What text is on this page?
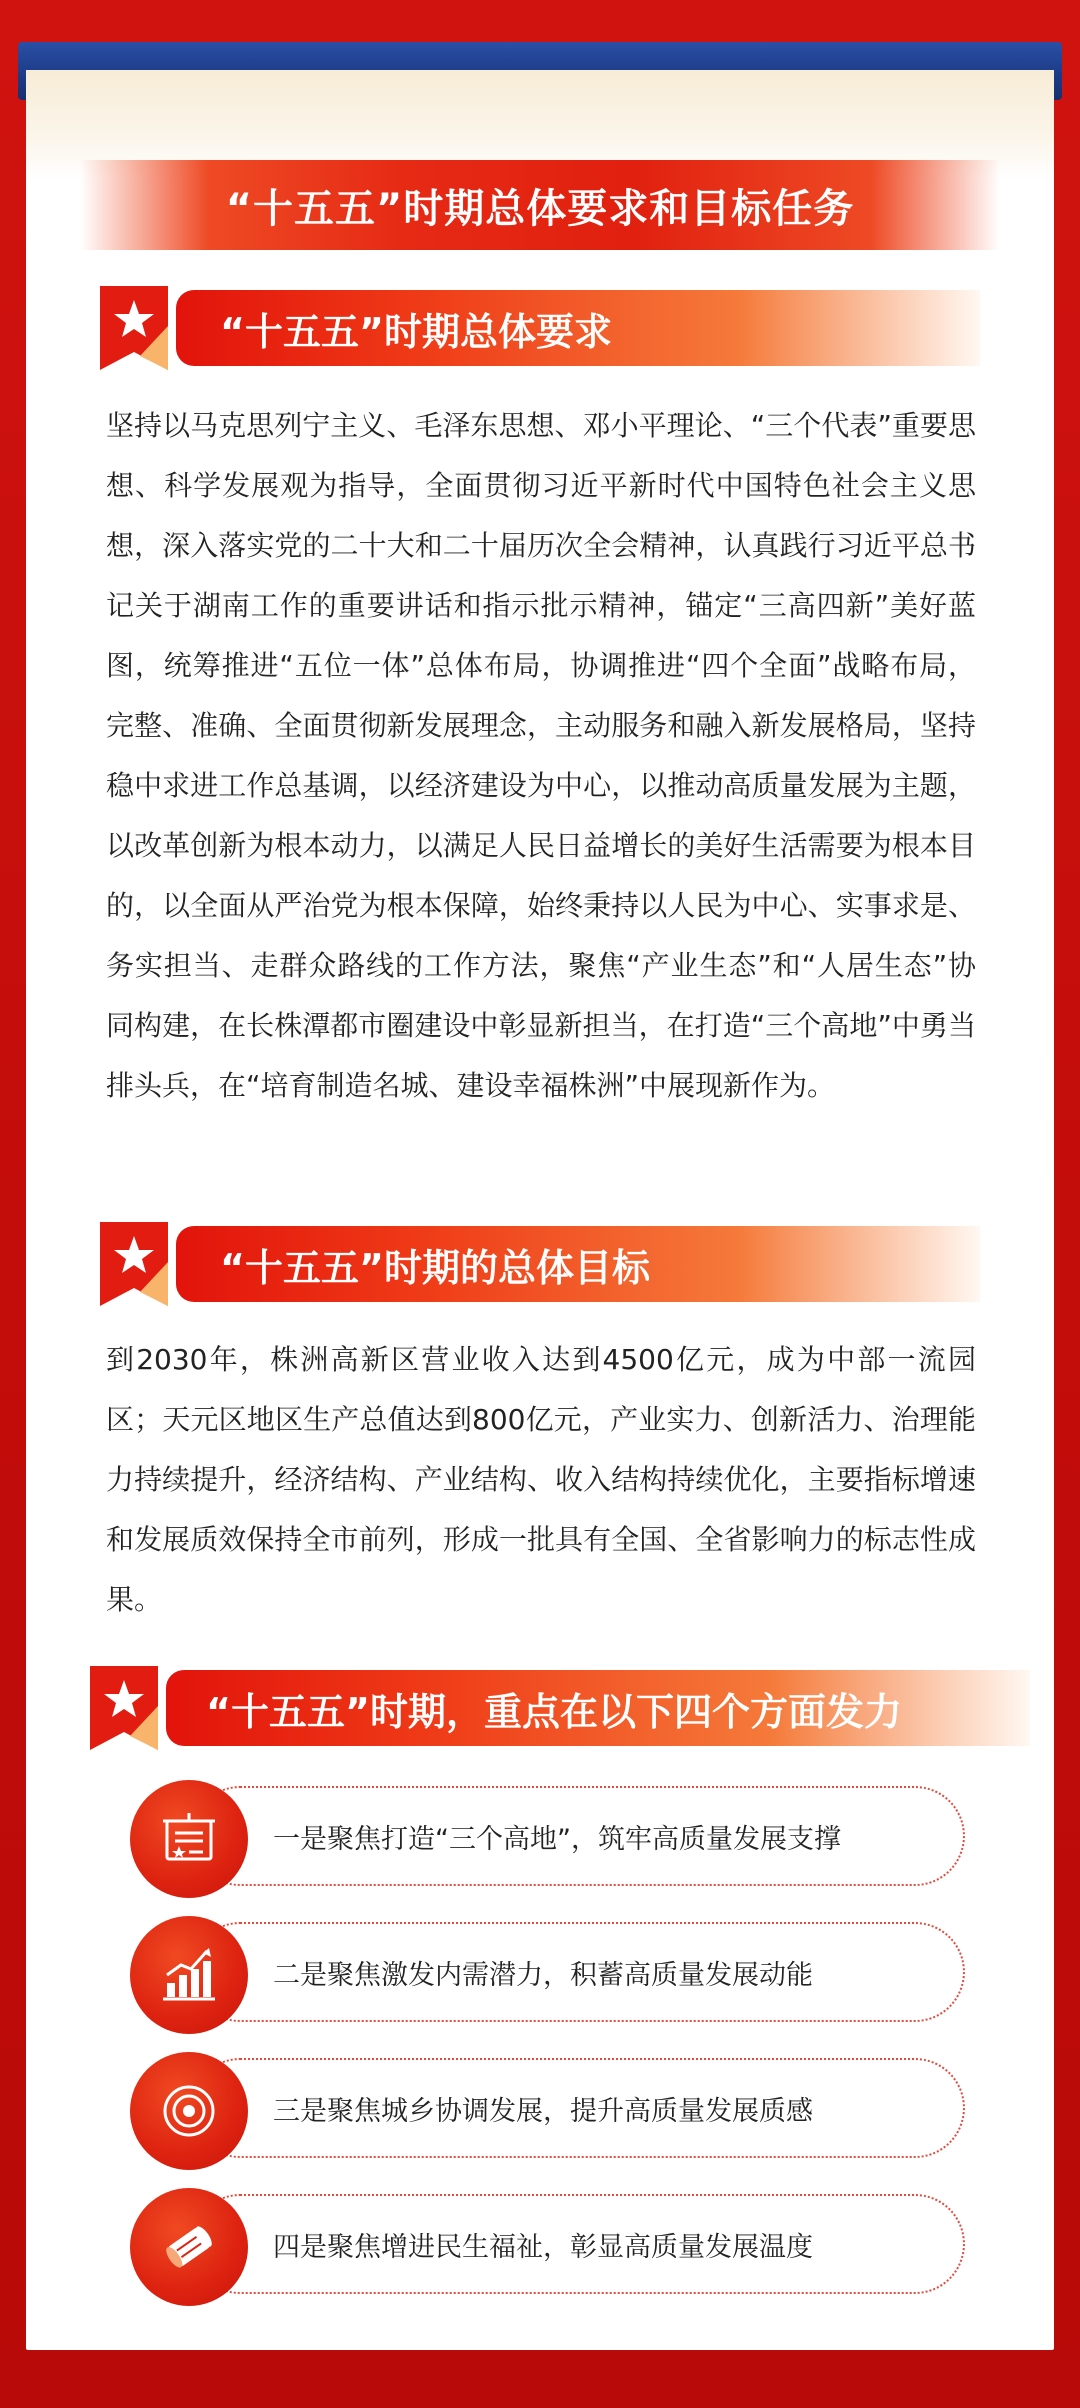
“十五五”时期总体要求和目标任务
“十五五”时期总体要求
坚持以马克思列宁主义、毛泽东思想、邓小平理论、“三个代表”重要思想、科学发展观为指导，全面贯彻习近平新时代中国特色社会主义思想，深入落实党的二十大和二十届历次全会精神，认真践行习近平总书记关于湖南工作的重要讲话和指示批示精神，锚定“三高四新”美好蓝图，统筹推进“五位一体”总体布局，协调推进“四个全面”战略布局，完整、准确、全面贯彻新发展理念，主动服务和融入新发展格局，坚持稳中求进工作总基调，以经济建设为中心，以推动高质量发展为主题，以改革创新为根本动力，以满足人民日益增长的美好生活需要为根本目的，以全面从严治党为根本保障，始终秉持以人民为中心、实事求是、务实担当、走群众路线的工作方法，聚焦“产业生态”和“人居生态”协同构建，在长株潭都市圈建设中彰显新担当，在打造“三个高地”中勇当排头兵，在“培育制造名城、建设幸福株洲”中展现新作为。
“十五五”时期的总体目标
到2030年，株洲高新区营业收入达到4500亿元，成为中部一流园区；天元区地区生产总值达到800亿元，产业实力、创新活力、治理能力持续提升，经济结构、产业结构、收入结构持续优化，主要指标增速和发展质效保持全市前列，形成一批具有全国、全省影响力的标志性成果。
“十五五”时期，重点在以下四个方面发力
一是聚焦打造“三个高地”，筑牢高质量发展支撑
二是聚焦激发内需潜力，积蓄高质量发展动能
三是聚焦城乡协调发展，提升高质量发展质感
四是聚焦增进民生福祉，彰显高质量发展温度
